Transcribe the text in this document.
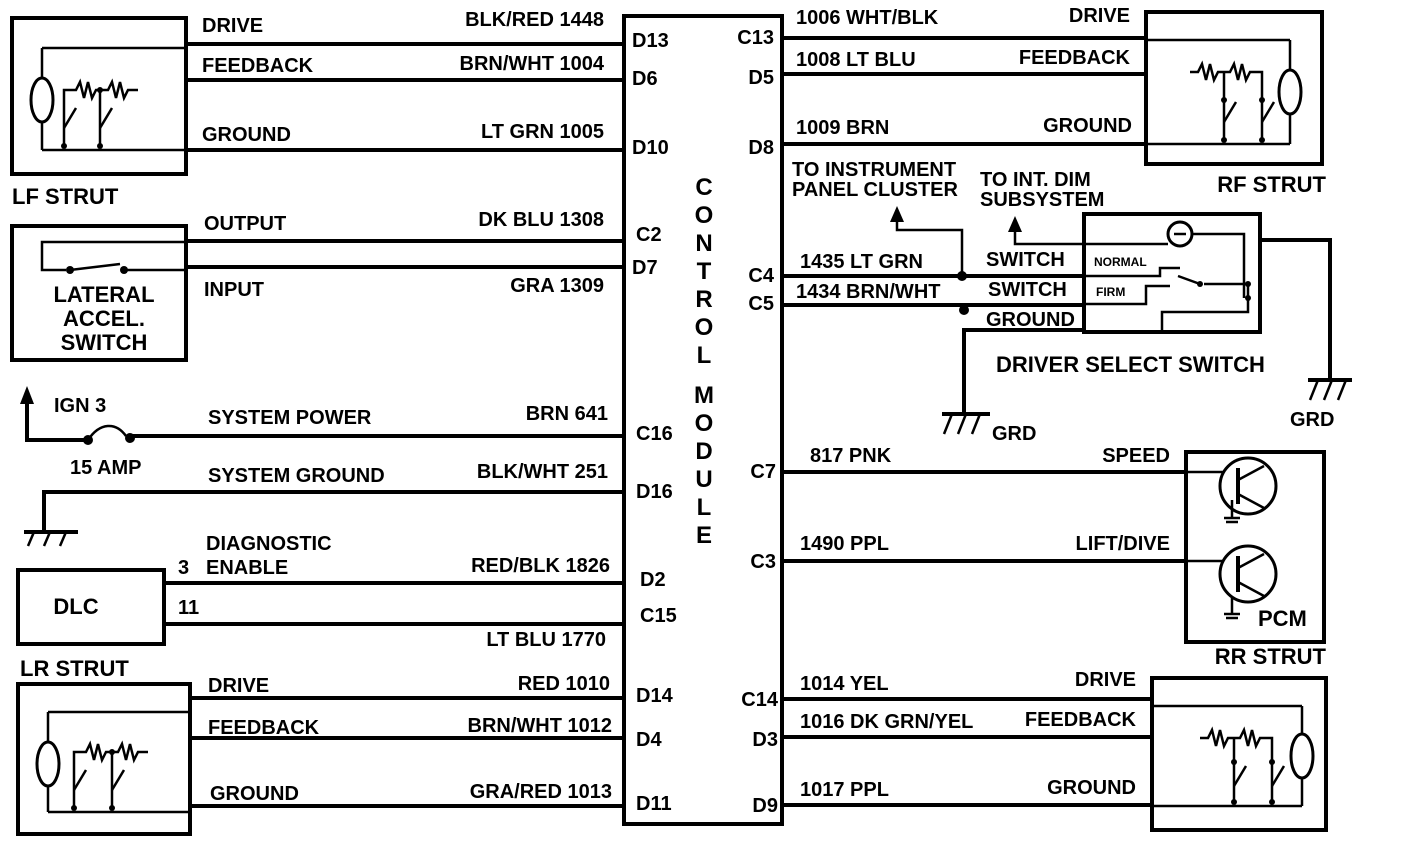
C
O
N
T
R
O
L
M
O
D
U
L
E
DRIVE
FEEDBACK
GROUND
BLK/RED 1448
BRN/WHT 1004
LT GRN 1005
D13
D6
D10
LF STRUT
OUTPUT
INPUT
DK BLU 1308
GRA 1309
C2
D7
LATERAL
ACCEL.
SWITCH
IGN 3
15 AMP
SYSTEM POWER	BRN 641
C16
SYSTEM GROUND	BLK/WHT 251
D16
DLC
3
11
DIAGNOSTIC
ENABLE	RED/BLK 1826
LT BLU 1770
D2
C15
LR STRUT
DRIVE
FEEDBACK
GROUND
RED 1010
BRN/WHT 1012
GRA/RED 1013
D14
D4
D11
DRIVE
FEEDBACK
GROUND
1006 WHT/BLK
1008 LT BLU
1009 BRN
C13
D5
D8
RF STRUT
TO INSTRUMENT
PANEL CLUSTER TO INT. DIM
SUBSYSTEM
1435 LT GRN
1434 BRN/WHT
C4
C5
SWITCH
SWITCH
GROUND
GRD
NORMAL
FIRM
GRD
DRIVER SELECT SWITCH
817 PNK
1490 PPL
SPEED
LIFT/DIVE
C7
C3
PCM
RR STRUT
DRIVE
FEEDBACK
GROUND
1014 YEL
1016 DK GRN/YEL
1017 PPL
C14
D3
D9
